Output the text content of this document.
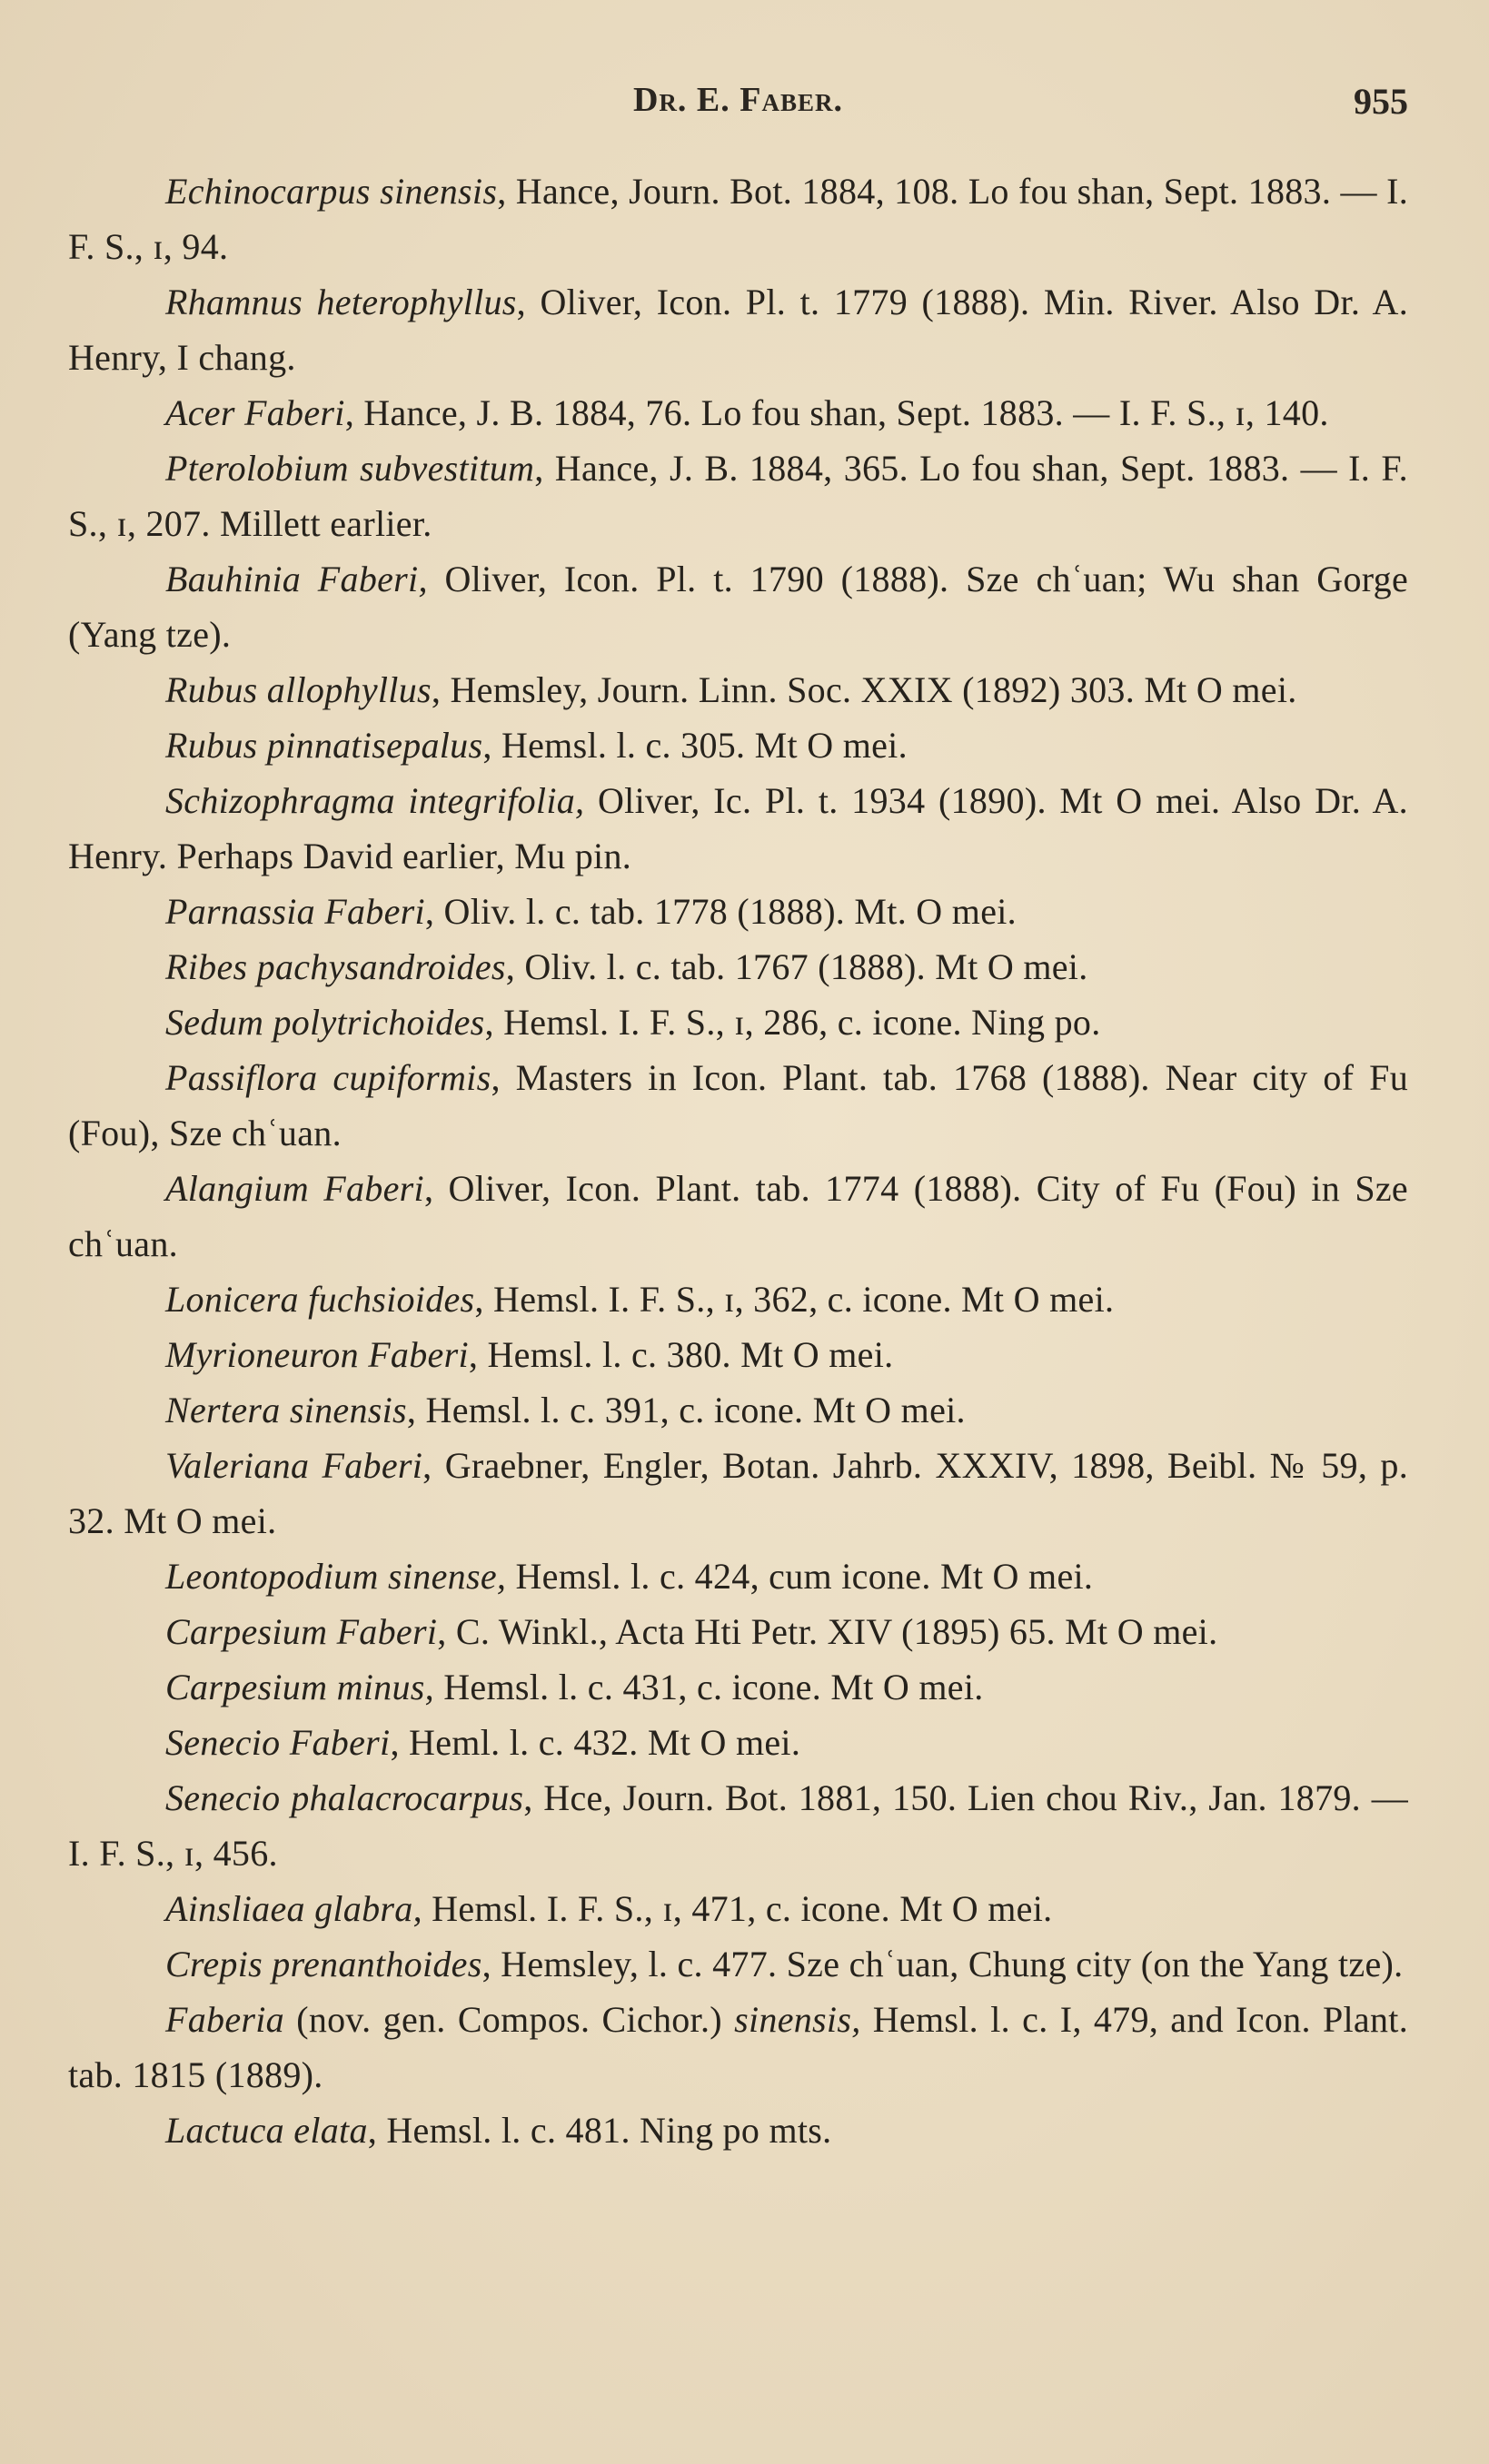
Dr. E. Faber.	955

Echinocarpus sinensis, Hance, Journ. Bot. 1884, 108. Lo fou shan, Sept. 1883. — I. F. S., ɪ, 94.

Rhamnus heterophyllus, Oliver, Icon. Pl. t. 1779 (1888). Min. River. Also Dr. A. Henry, I chang.

Acer Faberi, Hance, J. B. 1884, 76. Lo fou shan, Sept. 1883. — I. F. S., ɪ, 140.

Pterolobium subvestitum, Hance, J. B. 1884, 365. Lo fou shan, Sept. 1883. — I. F. S., ɪ, 207. Millett earlier.

Bauhinia Faberi, Oliver, Icon. Pl. t. 1790 (1888). Sze chʿuan; Wu shan Gorge (Yang tze).

Rubus allophyllus, Hemsley, Journ. Linn. Soc. XXIX (1892) 303. Mt O mei.

Rubus pinnatisepalus, Hemsl. l. c. 305. Mt O mei.

Schizophragma integrifolia, Oliver, Ic. Pl. t. 1934 (1890). Mt O mei. Also Dr. A. Henry. Perhaps David earlier, Mu pin.

Parnassia Faberi, Oliv. l. c. tab. 1778 (1888). Mt. O mei.

Ribes pachysandroides, Oliv. l. c. tab. 1767 (1888). Mt O mei.

Sedum polytrichoides, Hemsl. I. F. S., ɪ, 286, c. icone. Ning po.

Passiflora cupiformis, Masters in Icon. Plant. tab. 1768 (1888). Near city of Fu (Fou), Sze chʿuan.

Alangium Faberi, Oliver, Icon. Plant. tab. 1774 (1888). City of Fu (Fou) in Sze chʿuan.

Lonicera fuchsioides, Hemsl. I. F. S., ɪ, 362, c. icone. Mt O mei.

Myrioneuron Faberi, Hemsl. l. c. 380. Mt O mei.

Nertera sinensis, Hemsl. l. c. 391, c. icone. Mt O mei.

Valeriana Faberi, Graebner, Engler, Botan. Jahrb. XXXIV, 1898, Beibl. № 59, p. 32. Mt O mei.

Leontopodium sinense, Hemsl. l. c. 424, cum icone. Mt O mei.

Carpesium Faberi, C. Winkl., Acta Hti Petr. XIV (1895) 65. Mt O mei.

Carpesium minus, Hemsl. l. c. 431, c. icone. Mt O mei.

Senecio Faberi, Heml. l. c. 432. Mt O mei.

Senecio phalacrocarpus, Hce, Journ. Bot. 1881, 150. Lien chou Riv., Jan. 1879. — I. F. S., ɪ, 456.

Ainsliaea glabra, Hemsl. I. F. S., ɪ, 471, c. icone. Mt O mei.

Crepis prenanthoides, Hemsley, l. c. 477. Sze chʿuan, Chung city (on the Yang tze).

Faberia (nov. gen. Compos. Cichor.) sinensis, Hemsl. l. c. I, 479, and Icon. Plant. tab. 1815 (1889).

Lactuca elata, Hemsl. l. c. 481. Ning po mts.
